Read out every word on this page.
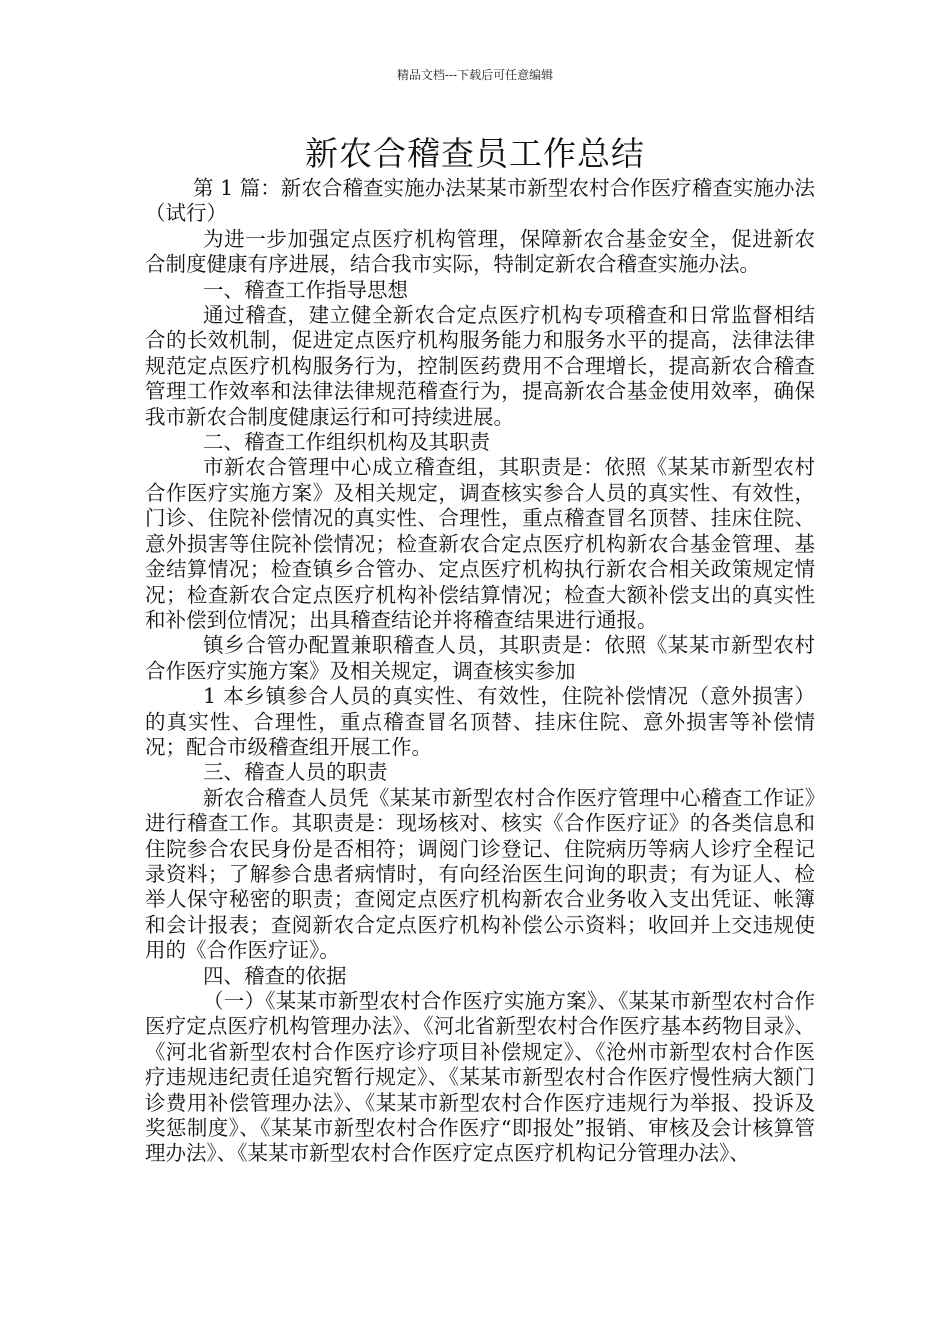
精品文档---下载后可任意编辑
新农合稽查员工作总结

第 1 篇：新农合稽查实施办法某某市新型农村合作医疗稽查实施办法（试行）

为进一步加强定点医疗机构管理，保障新农合基金安全，促进新农合制度健康有序进展，结合我市实际，特制定新农合稽查实施办法。

一、稽查工作指导思想

通过稽查，建立健全新农合定点医疗机构专项稽查和日常监督相结合的长效机制，促进定点医疗机构服务能力和服务水平的提高，法律法律规范定点医疗机构服务行为，控制医药费用不合理增长，提高新农合稽查管理工作效率和法律法律规范稽查行为，提高新农合基金使用效率，确保我市新农合制度健康运行和可持续进展。

二、稽查工作组织机构及其职责

市新农合管理中心成立稽查组，其职责是：依照《某某市新型农村合作医疗实施方案》及相关规定，调查核实参合人员的真实性、有效性，门诊、住院补偿情况的真实性、合理性，重点稽查冒名顶替、挂床住院、意外损害等住院补偿情况；检查新农合定点医疗机构新农合基金管理、基金结算情况；检查镇乡合管办、定点医疗机构执行新农合相关政策规定情况；检查新农合定点医疗机构补偿结算情况；检查大额补偿支出的真实性和补偿到位情况；出具稽查结论并将稽查结果进行通报。

镇乡合管办配置兼职稽查人员，其职责是：依照《某某市新型农村合作医疗实施方案》及相关规定，调查核实参加

1 本乡镇参合人员的真实性、有效性，住院补偿情况（意外损害）的真实性、合理性，重点稽查冒名顶替、挂床住院、意外损害等补偿情况；配合市级稽查组开展工作。

三、稽查人员的职责

新农合稽查人员凭《某某市新型农村合作医疗管理中心稽查工作证》进行稽查工作。其职责是：现场核对、核实《合作医疗证》的各类信息和住院参合农民身份是否相符；调阅门诊登记、住院病历等病人诊疗全程记录资料；了解参合患者病情时，有向经治医生问询的职责；有为证人、检举人保守秘密的职责；查阅定点医疗机构新农合业务收入支出凭证、帐簿和会计报表；查阅新农合定点医疗机构补偿公示资料；收回并上交违规使用的《合作医疗证》。

四、稽查的依据

（一）《某某市新型农村合作医疗实施方案》、《某某市新型农村合作医疗定点医疗机构管理办法》、《河北省新型农村合作医疗基本药物目录》、《河北省新型农村合作医疗诊疗项目补偿规定》、《沧州市新型农村合作医疗违规违纪责任追究暂行规定》、《某某市新型农村合作医疗慢性病大额门诊费用补偿管理办法》、《某某市新型农村合作医疗违规行为举报、投诉及奖惩制度》、《某某市新型农村合作医疗“即报处”报销、审核及会计核算管理办法》、《某某市新型农村合作医疗定点医疗机构记分管理办法》、
